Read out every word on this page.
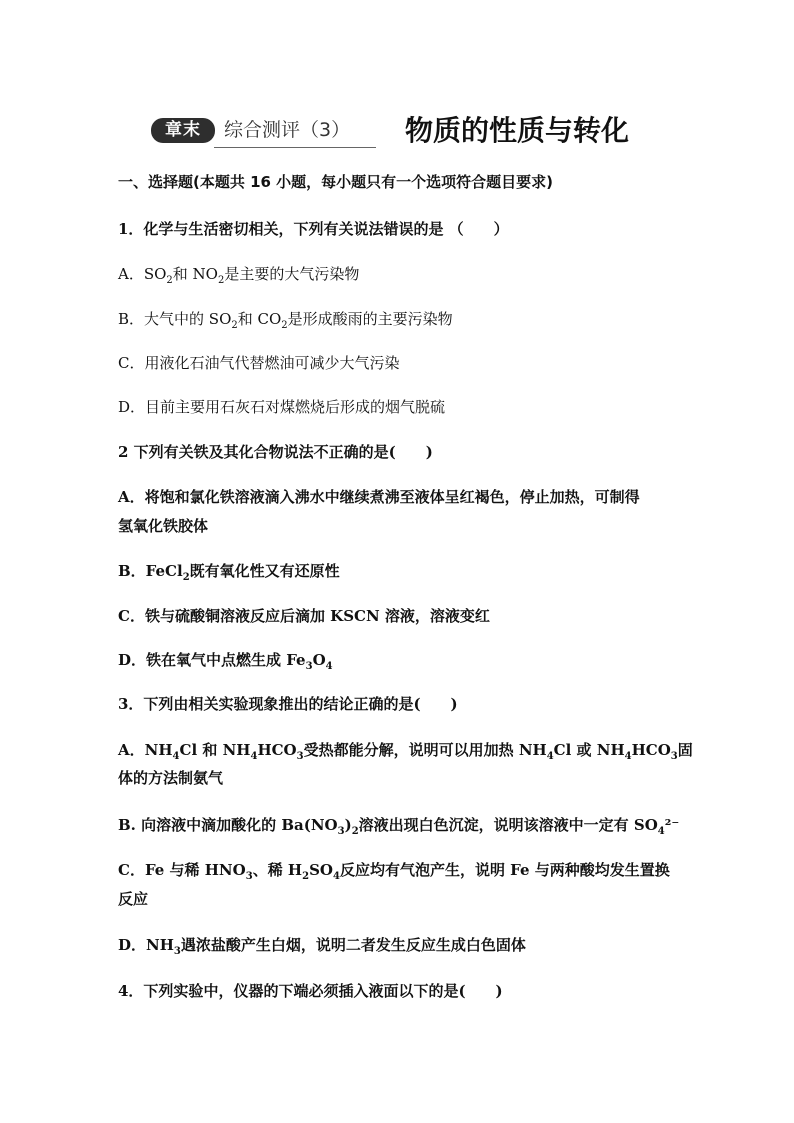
章末	综合测评（3） 物质的性质与转化
一、选择题(本题共 16 小题，每小题只有一个选项符合题目要求)
1．化学与生活密切相关，下列有关说法错误的是 （　　）
A．$SO_2$和 $NO_2$是主要的大气污染物
B．大气中的 $SO_2$和 $CO_2$是形成酸雨的主要污染物
C．用液化石油气代替燃油可减少大气污染
D．目前主要用石灰石对煤燃烧后形成的烟气脱硫
2 下列有关铁及其化合物说法不正确的是(　　)
A．将饱和氯化铁溶液滴入沸水中继续煮沸至液体呈红褐色，停止加热，可制得
氢氧化铁胶体
B．FeCl$_2$既有氧化性又有还原性
C．铁与硫酸铜溶液反应后滴加 KSCN 溶液，溶液变红
D．铁在氧气中点燃生成 $Fe_3O_4$
3．下列由相关实验现象推出的结论正确的是(　　)
A．$NH_4Cl$ 和 $NH_4HCO_3$受热都能分解，说明可以用加热 $NH_4Cl$ 或 $NH_4HCO_3$固
体的方法制氨气
B. 向溶液中滴加酸化的 $Ba(NO_3)_2$溶液出现白色沉淀，说明该溶液中一定有 $SO_4^{2-}$
C．Fe 与稀 $HNO_3$、稀 $H_2SO_4$反应均有气泡产生，说明 Fe 与两种酸均发生置换
反应
D．$NH_3$遇浓盐酸产生白烟，说明二者发生反应生成白色固体
4．下列实验中，仪器的下端必须插入液面以下的是(　　)
